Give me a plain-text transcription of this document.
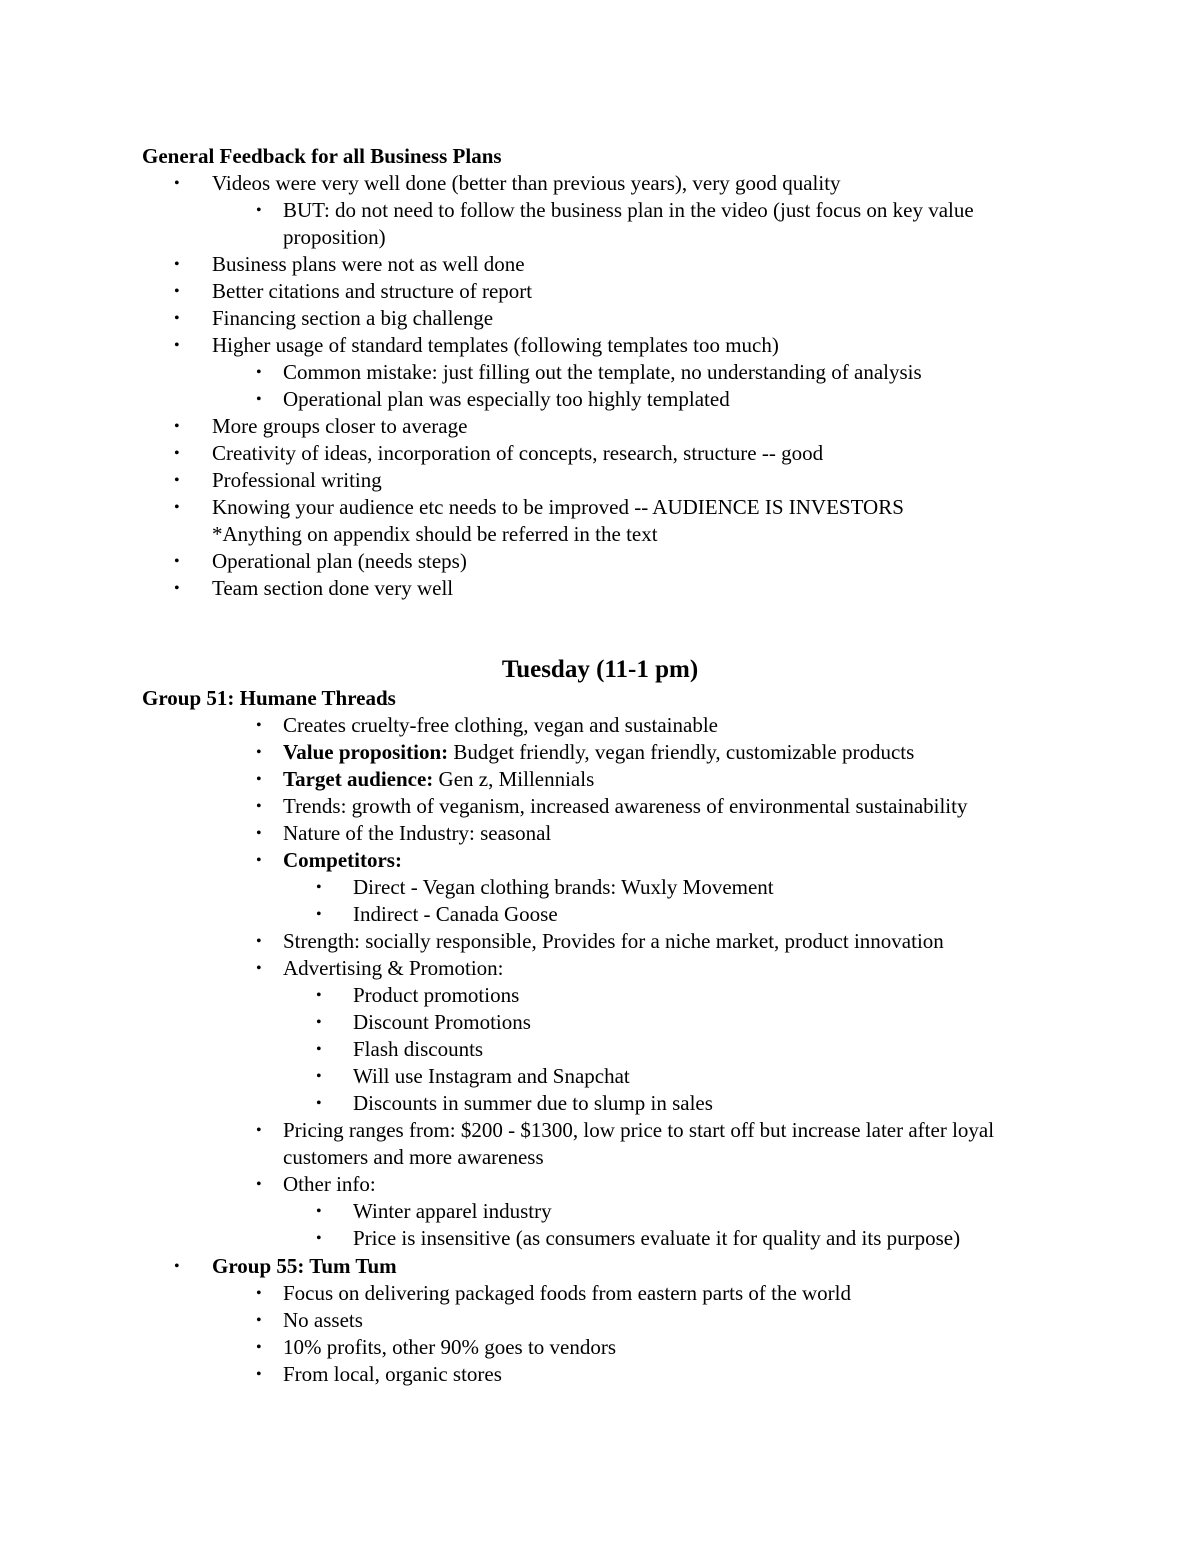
General Feedback for all Business Plans
• Videos were very well done (better than previous years), very good quality
• BUT: do not need to follow the business plan in the video (just focus on key value proposition)
• Business plans were not as well done
• Better citations and structure of report
• Financing section a big challenge
• Higher usage of standard templates (following templates too much)
• Common mistake: just filling out the template, no understanding of analysis
• Operational plan was especially too highly templated
• More groups closer to average
• Creativity of ideas, incorporation of concepts, research, structure -- good
• Professional writing
• Knowing your audience etc needs to be improved -- AUDIENCE IS INVESTORS
*Anything on appendix should be referred in the text
• Operational plan (needs steps)
• Team section done very well
Tuesday (11-1 pm)
Group 51: Humane Threads
• Creates cruelty-free clothing, vegan and sustainable
• Value proposition: Budget friendly, vegan friendly, customizable products
• Target audience: Gen z, Millennials
• Trends: growth of veganism, increased awareness of environmental sustainability
• Nature of the Industry: seasonal
• Competitors:
• Direct - Vegan clothing brands: Wuxly Movement
• Indirect - Canada Goose
• Strength: socially responsible, Provides for a niche market, product innovation
• Advertising & Promotion:
• Product promotions
• Discount Promotions
• Flash discounts
• Will use Instagram and Snapchat
• Discounts in summer due to slump in sales
• Pricing ranges from: $200 - $1300, low price to start off but increase later after loyal customers and more awareness
• Other info:
• Winter apparel industry
• Price is insensitive (as consumers evaluate it for quality and its purpose)
• Group 55: Tum Tum
• Focus on delivering packaged foods from eastern parts of the world
• No assets
• 10% profits, other 90% goes to vendors
• From local, organic stores
